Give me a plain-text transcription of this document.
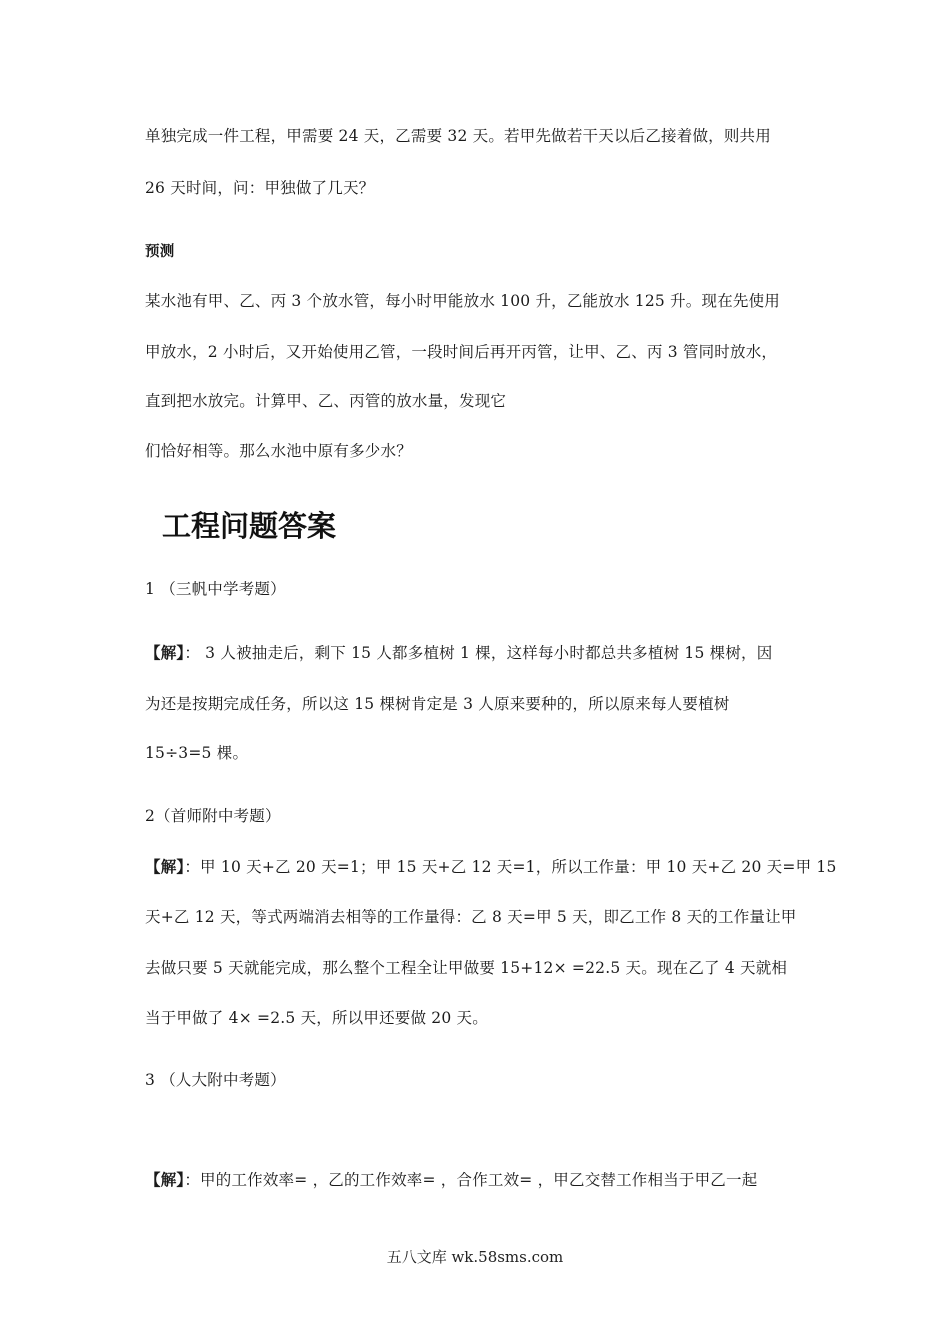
单独完成一件工程，甲需要 24 天，乙需要 32 天。若甲先做若干天以后乙接着做，则共用
26 天时间，问：甲独做了几天？
预测
某水池有甲、乙、丙 3 个放水管，每小时甲能放水 100 升，乙能放水 125 升。现在先使用
甲放水，2 小时后，又开始使用乙管，一段时间后再开丙管，让甲、乙、丙 3 管同时放水，
直到把水放完。计算甲、乙、丙管的放水量，发现它
们恰好相等。那么水池中原有多少水？
工程问题答案
1 （三帆中学考题）
【解】： 3 人被抽走后，剩下 15 人都多植树 1 棵，这样每小时都总共多植树 15 棵树，因
为还是按期完成任务，所以这 15 棵树肯定是 3 人原来要种的，所以原来每人要植树
15÷3=5 棵。
2（首师附中考题）
【解】：甲 10 天+乙 20 天=1；甲 15 天+乙 12 天=1，所以工作量：甲 10 天+乙 20 天=甲 15
天+乙 12 天，等式两端消去相等的工作量得：乙 8 天=甲 5 天，即乙工作 8 天的工作量让甲
去做只要 5 天就能完成，那么整个工程全让甲做要 15+12× =22.5 天。现在乙了 4 天就相
当于甲做了 4× =2.5 天，所以甲还要做 20 天。
3 （人大附中考题）
【解】：甲的工作效率= ，乙的工作效率= ，合作工效= ，甲乙交替工作相当于甲乙一起
五八文库 wk.58sms.com
